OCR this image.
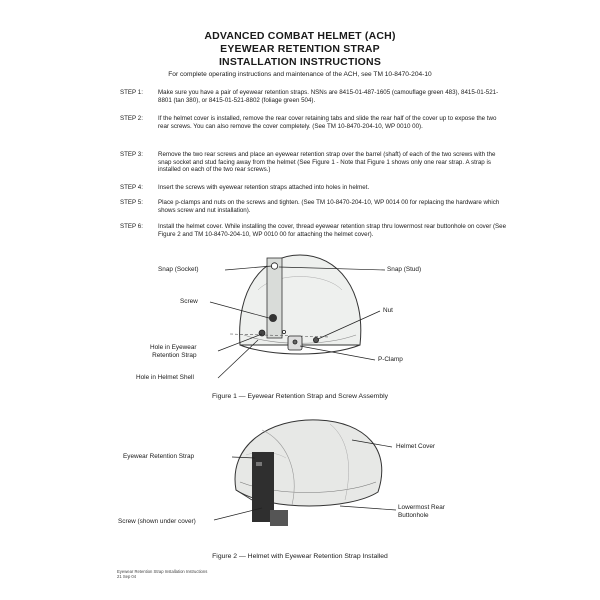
ADVANCED COMBAT HELMET (ACH)
EYEWEAR RETENTION STRAP
INSTALLATION INSTRUCTIONS
For complete operating instructions and maintenance of the ACH, see TM 10-8470-204-10
STEP 1:	Make sure you have a pair of eyewear retention straps. NSNs are 8415-01-487-1605 (camouflage green 483), 8415-01-521-8801 (tan 380), or 8415-01-521-8802 (foliage green 504).
STEP 2:	If the helmet cover is installed, remove the rear cover retaining tabs and slide the rear half of the cover up to expose the two rear screws. You can also remove the cover completely. (See TM 10-8470-204-10, WP 0010 00).
STEP 3:	Remove the two rear screws and place an eyewear retention strap over the barrel (shaft) of each of the two screws with the snap socket and stud facing away from the helmet (See Figure 1 - Note that Figure 1 shows only one rear strap. A strap is installed on each of the two rear screws.)
STEP 4:	Insert the screws with eyewear retention straps attached into holes in helmet.
STEP 5:	Place p-clamps and nuts on the screws and tighten. (See TM 10-8470-204-10, WP 0014 00 for replacing the hardware which shows screw and nut installation).
STEP 6:	Install the helmet cover. While installing the cover, thread eyewear retention strap thru lowermost rear buttonhole on cover (See Figure 2 and TM 10-8470-204-10, WP 0010 00 for attaching the helmet cover).
Snap (Socket)	Snap (Stud)
Screw
Nut
Hole in Eyewear
Retention Strap
P-Clamp
Hole in Helmet Shell
Figure 1 — Eyewear Retention Strap and Screw Assembly
Eyewear Retention Strap
Helmet Cover
Lowermost Rear
Buttonhole
Screw (shown under cover)
Figure 2 — Helmet with Eyewear Retention Strap Installed
Eyewear Retention Strap Installation Instructions
21 Sep 04
